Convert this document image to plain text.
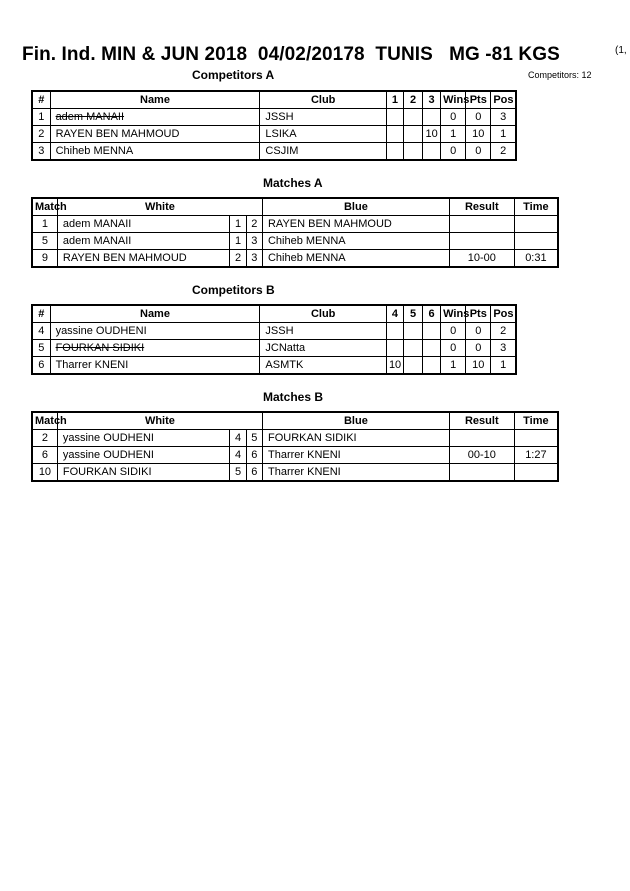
Fin. Ind. MIN & JUN 2018  04/02/20178  TUNIS   MG -81 KGS	(1,
Competitors: 12
Competitors A
#	Name	Club	1	2	3	Wins	Pts	Pos
1	adem MANAII	JSSH				0	0	3
2	RAYEN BEN MAHMOUD	LSIKA			10	1	10	1
3	Chiheb MENNA	CSJIM				0	0	2
Matches A
Match	White			Blue	Result	Time
1	adem MANAII	1	2	RAYEN BEN MAHMOUD		
5	adem MANAII	1	3	Chiheb MENNA		
9	RAYEN BEN MAHMOUD	2	3	Chiheb MENNA	10-00	0:31
Competitors B
#	Name	Club	4	5	6	Wins	Pts	Pos
4	yassine OUDHENI	JSSH				0	0	2
5	FOURKAN SIDIKI	JCNatta				0	0	3
6	Tharrer KNENI	ASMTK	10			1	10	1
Matches B
Match	White			Blue	Result	Time
2	yassine OUDHENI	4	5	FOURKAN SIDIKI		
6	yassine OUDHENI	4	6	Tharrer KNENI	00-10	1:27
10	FOURKAN SIDIKI	5	6	Tharrer KNENI		
